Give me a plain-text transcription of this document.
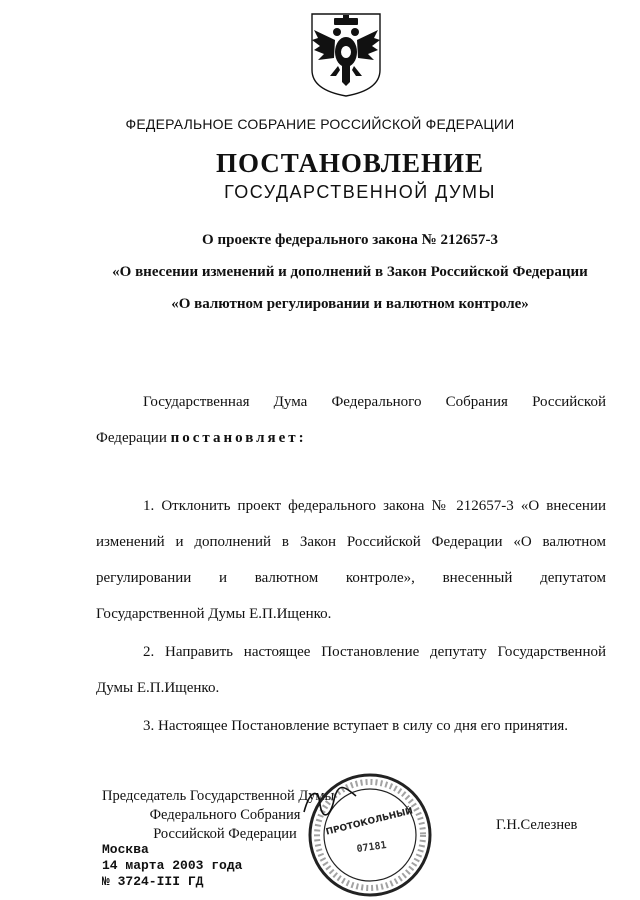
ФЕДЕРАЛЬНОЕ СОБРАНИЕ РОССИЙСКОЙ ФЕДЕРАЦИИ
ПОСТАНОВЛЕНИЕ
ГОСУДАРСТВЕННОЙ ДУМЫ
О проекте федерального закона № 212657-3
«О внесении изменений и дополнений в Закон Российской Федерации
«О валютном регулировании и валютном контроле»
Государственная Дума Федерального Собрания Российской
Федерации постановляет:
1. Отклонить проект федерального закона № 212657-3 «О внесении
изменений и дополнений в Закон Российской Федерации «О валютном
регулировании и валютном контроле», внесенный депутатом
Государственной Думы Е.П.Ищенко.
2. Направить настоящее Постановление депутату Государственной
Думы Е.П.Ищенко.
3. Настоящее Постановление вступает в силу со дня его принятия.
Председатель Государственной Думы
Федерального Собрания
Российской Федерации
Г.Н.Селезнев
Москва
14 марта 2003 года
№ 3724-III ГД
ПРОТОКОЛЬНЫЙ
07181
